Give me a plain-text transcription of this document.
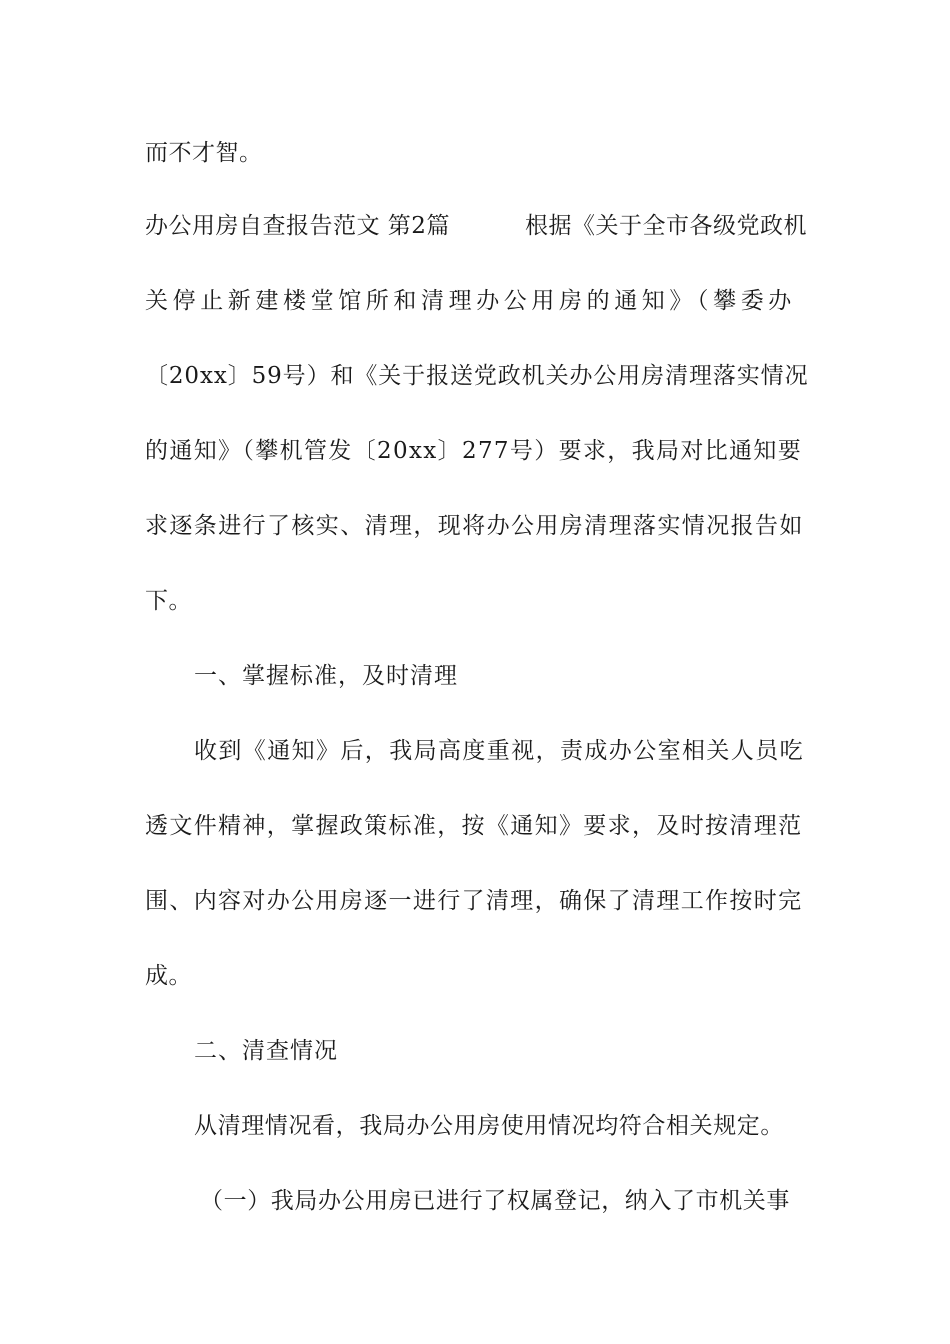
而不才智。
办公用房自查报告范文 第2篇	根据《关于全市各级党政机
关停止新建楼堂馆所和清理办公用房的通知》（攀委办
〔20xx〕59号）和《关于报送党政机关办公用房清理落实情况
的通知》（攀机管发〔20xx〕277号）要求，我局对比通知要
求逐条进行了核实、清理，现将办公用房清理落实情况报告如
下。
一、掌握标准，及时清理
收到《通知》后，我局高度重视，责成办公室相关人员吃
透文件精神，掌握政策标准，按《通知》要求，及时按清理范
围、内容对办公用房逐一进行了清理，确保了清理工作按时完
成。
二、清查情况
从清理情况看，我局办公用房使用情况均符合相关规定。
（一）我局办公用房已进行了权属登记，纳入了市机关事
